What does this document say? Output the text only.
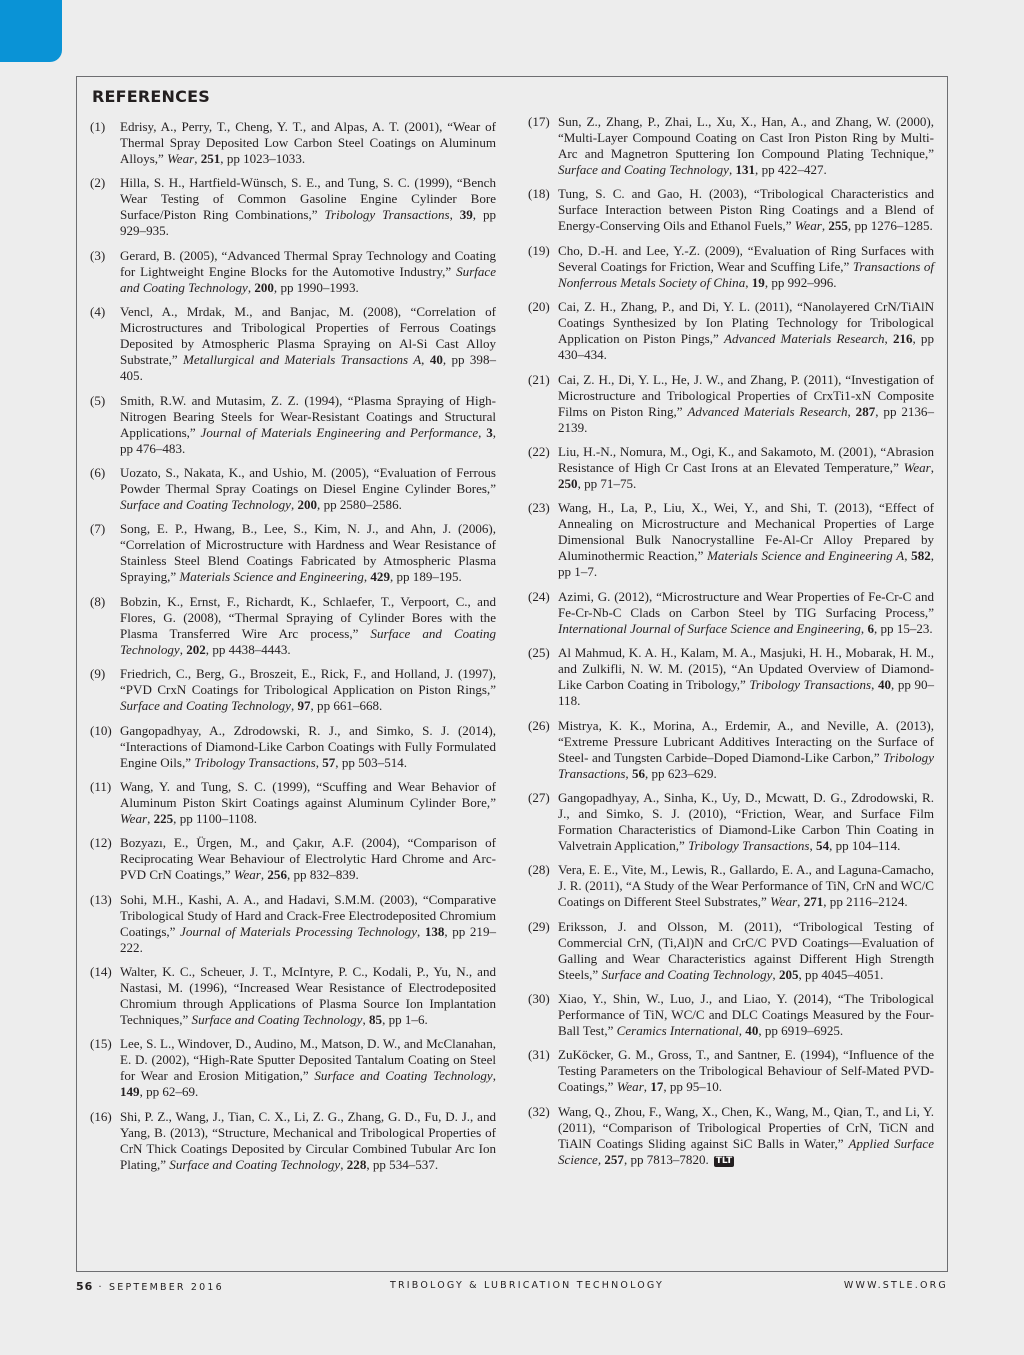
REFERENCES

(1) Edrisy, A., Perry, T., Cheng, Y. T., and Alpas, A. T. (2001), “Wear of Thermal Spray Deposited Low Carbon Steel Coatings on Aluminum Alloys,” Wear, 251, pp 1023–1033.

(2) Hilla, S. H., Hartfield-Wünsch, S. E., and Tung, S. C. (1999), “Bench Wear Testing of Common Gasoline Engine Cylinder Bore Surface/Piston Ring Combinations,” Tribology Transactions, 39, pp 929–935.

(3) Gerard, B. (2005), “Advanced Thermal Spray Technology and Coating for Lightweight Engine Blocks for the Automotive Industry,” Surface and Coating Technology, 200, pp 1990–1993.

(4) Vencl, A., Mrdak, M., and Banjac, M. (2008), “Correlation of Microstructures and Tribological Properties of Ferrous Coatings Deposited by Atmospheric Plasma Spraying on Al-Si Cast Alloy Substrate,” Metallurgical and Materials Transactions A, 40, pp 398–405.

(5) Smith, R.W. and Mutasim, Z. Z. (1994), “Plasma Spraying of High-Nitrogen Bearing Steels for Wear-Resistant Coatings and Structural Applications,” Journal of Materials Engineering and Performance, 3, pp 476–483.

(6) Uozato, S., Nakata, K., and Ushio, M. (2005), “Evaluation of Ferrous Powder Thermal Spray Coatings on Diesel Engine Cylinder Bores,” Surface and Coating Technology, 200, pp 2580–2586.

(7) Song, E. P., Hwang, B., Lee, S., Kim, N. J., and Ahn, J. (2006), “Correlation of Microstructure with Hardness and Wear Resistance of Stainless Steel Blend Coatings Fabricated by Atmospheric Plasma Spraying,” Materials Science and Engineering, 429, pp 189–195.

(8) Bobzin, K., Ernst, F., Richardt, K., Schlaefer, T., Verpoort, C., and Flores, G. (2008), “Thermal Spraying of Cylinder Bores with the Plasma Transferred Wire Arc process,” Surface and Coating Technology, 202, pp 4438–4443.

(9) Friedrich, C., Berg, G., Broszeit, E., Rick, F., and Holland, J. (1997), “PVD CrxN Coatings for Tribological Application on Piston Rings,” Surface and Coating Technology, 97, pp 661–668.

(10) Gangopadhyay, A., Zdrodowski, R. J., and Simko, S. J. (2014), “Interactions of Diamond-Like Carbon Coatings with Fully Formulated Engine Oils,” Tribology Transactions, 57, pp 503–514.

(11) Wang, Y. and Tung, S. C. (1999), “Scuffing and Wear Behavior of Aluminum Piston Skirt Coatings against Aluminum Cylinder Bore,” Wear, 225, pp 1100–1108.

(12) Bozyazı, E., Ürgen, M., and Çakır, A.F. (2004), “Comparison of Reciprocating Wear Behaviour of Electrolytic Hard Chrome and Arc-PVD CrN Coatings,” Wear, 256, pp 832–839.

(13) Sohi, M.H., Kashi, A. A., and Hadavi, S.M.M. (2003), “Comparative Tribological Study of Hard and Crack-Free Electrodeposited Chromium Coatings,” Journal of Materials Processing Technology, 138, pp 219–222.

(14) Walter, K. C., Scheuer, J. T., McIntyre, P. C., Kodali, P., Yu, N., and Nastasi, M. (1996), “Increased Wear Resistance of Electrodeposited Chromium through Applications of Plasma Source Ion Implantation Techniques,” Surface and Coating Technology, 85, pp 1–6.

(15) Lee, S. L., Windover, D., Audino, M., Matson, D. W., and McClanahan, E. D. (2002), “High-Rate Sputter Deposited Tantalum Coating on Steel for Wear and Erosion Mitigation,” Surface and Coating Technology, 149, pp 62–69.

(16) Shi, P. Z., Wang, J., Tian, C. X., Li, Z. G., Zhang, G. D., Fu, D. J., and Yang, B. (2013), “Structure, Mechanical and Tribological Properties of CrN Thick Coatings Deposited by Circular Combined Tubular Arc Ion Plating,” Surface and Coating Technology, 228, pp 534–537.

(17) Sun, Z., Zhang, P., Zhai, L., Xu, X., Han, A., and Zhang, W. (2000), “Multi-Layer Compound Coating on Cast Iron Piston Ring by Multi-Arc and Magnetron Sputtering Ion Compound Plating Technique,” Surface and Coating Technology, 131, pp 422–427.

(18) Tung, S. C. and Gao, H. (2003), “Tribological Characteristics and Surface Interaction between Piston Ring Coatings and a Blend of Energy-Conserving Oils and Ethanol Fuels,” Wear, 255, pp 1276–1285.

(19) Cho, D.-H. and Lee, Y.-Z. (2009), “Evaluation of Ring Surfaces with Several Coatings for Friction, Wear and Scuffing Life,” Transactions of Nonferrous Metals Society of China, 19, pp 992–996.

(20) Cai, Z. H., Zhang, P., and Di, Y. L. (2011), “Nanolayered CrN/TiAlN Coatings Synthesized by Ion Plating Technology for Tribological Application on Piston Pings,” Advanced Materials Research, 216, pp 430–434.

(21) Cai, Z. H., Di, Y. L., He, J. W., and Zhang, P. (2011), “Investigation of Microstructure and Tribological Properties of CrxTi1-xN Composite Films on Piston Ring,” Advanced Materials Research, 287, pp 2136–2139.

(22) Liu, H.-N., Nomura, M., Ogi, K., and Sakamoto, M. (2001), “Abrasion Resistance of High Cr Cast Irons at an Elevated Temperature,” Wear, 250, pp 71–75.

(23) Wang, H., La, P., Liu, X., Wei, Y., and Shi, T. (2013), “Effect of Annealing on Microstructure and Mechanical Properties of Large Dimensional Bulk Nanocrystalline Fe-Al-Cr Alloy Prepared by Aluminothermic Reaction,” Materials Science and Engineering A, 582, pp 1–7.

(24) Azimi, G. (2012), “Microstructure and Wear Properties of Fe-Cr-C and Fe-Cr-Nb-C Clads on Carbon Steel by TIG Surfacing Process,” International Journal of Surface Science and Engineering, 6, pp 15–23.

(25) Al Mahmud, K. A. H., Kalam, M. A., Masjuki, H. H., Mobarak, H. M., and Zulkifli, N. W. M. (2015), “An Updated Overview of Diamond-Like Carbon Coating in Tribology,” Tribology Transactions, 40, pp 90–118.

(26) Mistrya, K. K., Morina, A., Erdemir, A., and Neville, A. (2013), “Extreme Pressure Lubricant Additives Interacting on the Surface of Steel- and Tungsten Carbide–Doped Diamond-Like Carbon,” Tribology Transactions, 56, pp 623–629.

(27) Gangopadhyay, A., Sinha, K., Uy, D., Mcwatt, D. G., Zdrodowski, R. J., and Simko, S. J. (2010), “Friction, Wear, and Surface Film Formation Characteristics of Diamond-Like Carbon Thin Coating in Valvetrain Application,” Tribology Transactions, 54, pp 104–114.

(28) Vera, E. E., Vite, M., Lewis, R., Gallardo, E. A., and Laguna-Camacho, J. R. (2011), “A Study of the Wear Performance of TiN, CrN and WC/C Coatings on Different Steel Substrates,” Wear, 271, pp 2116–2124.

(29) Eriksson, J. and Olsson, M. (2011), “Tribological Testing of Commercial CrN, (Ti,Al)N and CrC/C PVD Coatings—Evaluation of Galling and Wear Characteristics against Different High Strength Steels,” Surface and Coating Technology, 205, pp 4045–4051.

(30) Xiao, Y., Shin, W., Luo, J., and Liao, Y. (2014), “The Tribological Performance of TiN, WC/C and DLC Coatings Measured by the Four-Ball Test,” Ceramics International, 40, pp 6919–6925.

(31) ZuKöcker, G. M., Gross, T., and Santner, E. (1994), “Influence of the Testing Parameters on the Tribological Behaviour of Self-Mated PVD-Coatings,” Wear, 17, pp 95–10.

(32) Wang, Q., Zhou, F., Wang, X., Chen, K., Wang, M., Qian, T., and Li, Y. (2011), “Comparison of Tribological Properties of CrN, TiCN and TiAlN Coatings Sliding against SiC Balls in Water,” Applied Surface Science, 257, pp 7813–7820. TLT

56 · SEPTEMBER 2016	TRIBOLOGY & LUBRICATION TECHNOLOGY	WWW.STLE.ORG
